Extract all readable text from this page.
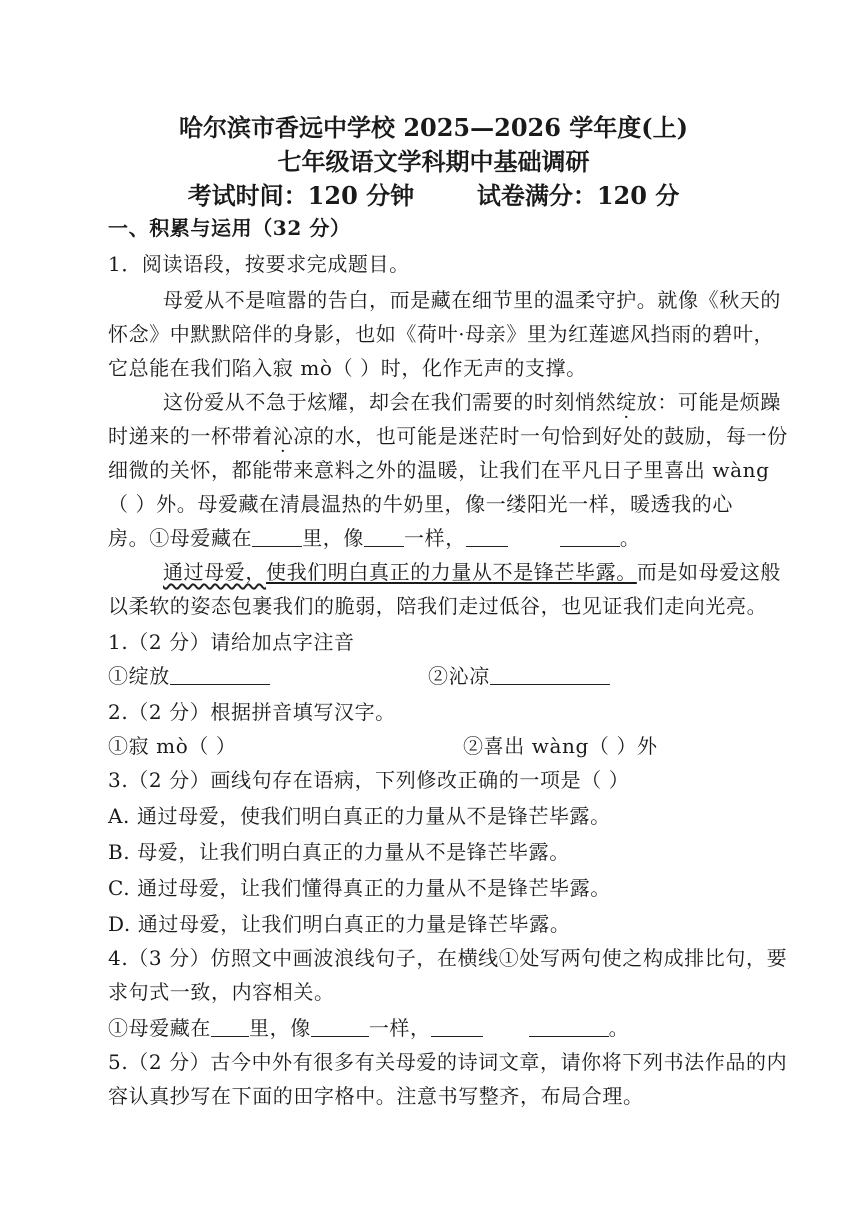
哈尔滨市香远中学校 2025—2026 学年度(上)
七年级语文学科期中基础调研
考试时间：120 分钟	试卷满分：120 分
一、积累与运用（32 分）
1．阅读语段，按要求完成题目。
母爱从不是喧嚣的告白，而是藏在细节里的温柔守护。就像《秋天的
怀念》中默默陪伴的身影，也如《荷叶·母亲》里为红莲遮风挡雨的碧叶，
它总能在我们陷入寂 mò（ ）时，化作无声的支撑。
这份爱从不急于炫耀，却会在我们需要的时刻悄然绽放：可能是烦躁
时递来的一杯带着沁凉的水，也可能是迷茫时一句恰到好处的鼓励，每一份
细微的关怀，都能带来意料之外的温暖，让我们在平凡日子里喜出 wàng
（ ）外。母爱藏在清晨温热的牛奶里，像一缕阳光一样，暖透我的心
房。①母爱藏在	里，像 一样，	。
通过母爱，使我们明白真正的力量从不是锋芒毕露。而是如母爱这般
以柔软的姿态包裹我们的脆弱，陪我们走过低谷，也见证我们走向光亮。
1.（2 分）请给加点字注音
①绽放	②沁凉
2.（2 分）根据拼音填写汉字。
①寂 mò（ ）	②喜出 wàng（ ）外
3.（2 分）画线句存在语病，下列修改正确的一项是（ ）
A. 通过母爱，使我们明白真正的力量从不是锋芒毕露。
B. 母爱，让我们明白真正的力量从不是锋芒毕露。
C. 通过母爱，让我们懂得真正的力量从不是锋芒毕露。
D. 通过母爱，让我们明白真正的力量是锋芒毕露。
4.（3 分）仿照文中画波浪线句子，在横线①处写两句使之构成排比句，要
求句式一致，内容相关。
①母爱藏在 里，像	一样，	。
5.（2 分）古今中外有很多有关母爱的诗词文章，请你将下列书法作品的内
容认真抄写在下面的田字格中。注意书写整齐，布局合理。
